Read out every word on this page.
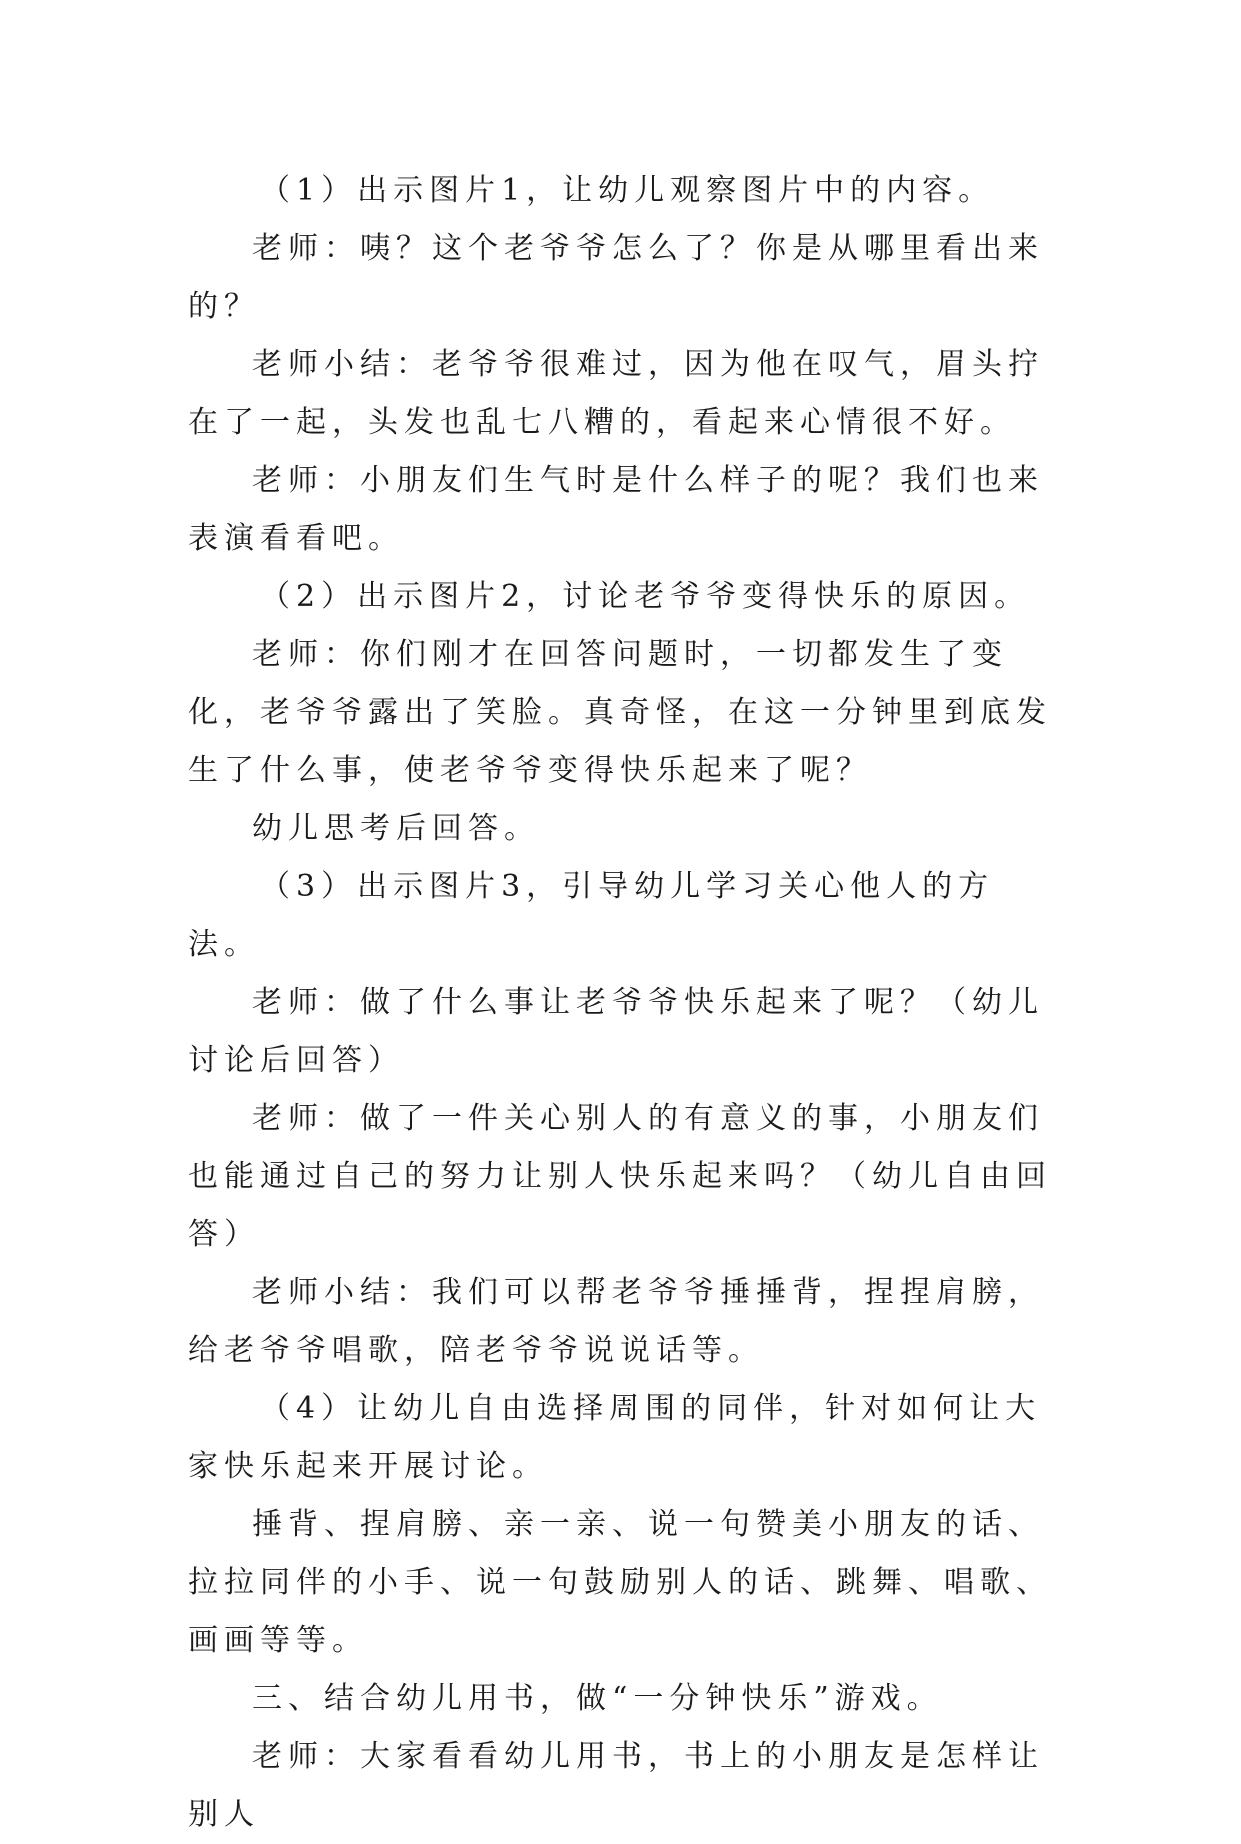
（1）出示图片1，让幼儿观察图片中的内容。

老师：咦？这个老爷爷怎么了？你是从哪里看出来的？

老师小结：老爷爷很难过，因为他在叹气，眉头拧在了一起，头发也乱七八糟的，看起来心情很不好。

老师：小朋友们生气时是什么样子的呢？我们也来表演看看吧。

（2）出示图片2，讨论老爷爷变得快乐的原因。

老师：你们刚才在回答问题时，一切都发生了变化，老爷爷露出了笑脸。真奇怪，在这一分钟里到底发生了什么事，使老爷爷变得快乐起来了呢？

幼儿思考后回答。

（3）出示图片3，引导幼儿学习关心他人的方法。

老师：做了什么事让老爷爷快乐起来了呢？（幼儿讨论后回答）

老师：做了一件关心别人的有意义的事，小朋友们也能通过自己的努力让别人快乐起来吗？（幼儿自由回答）

老师小结：我们可以帮老爷爷捶捶背，捏捏肩膀，给老爷爷唱歌，陪老爷爷说说话等。

（4）让幼儿自由选择周围的同伴，针对如何让大家快乐起来开展讨论。

捶背、捏肩膀、亲一亲、说一句赞美小朋友的话、拉拉同伴的小手、说一句鼓励别人的话、跳舞、唱歌、画画等等。

三、结合幼儿用书，做“一分钟快乐”游戏。

老师：大家看看幼儿用书，书上的小朋友是怎样让别人
